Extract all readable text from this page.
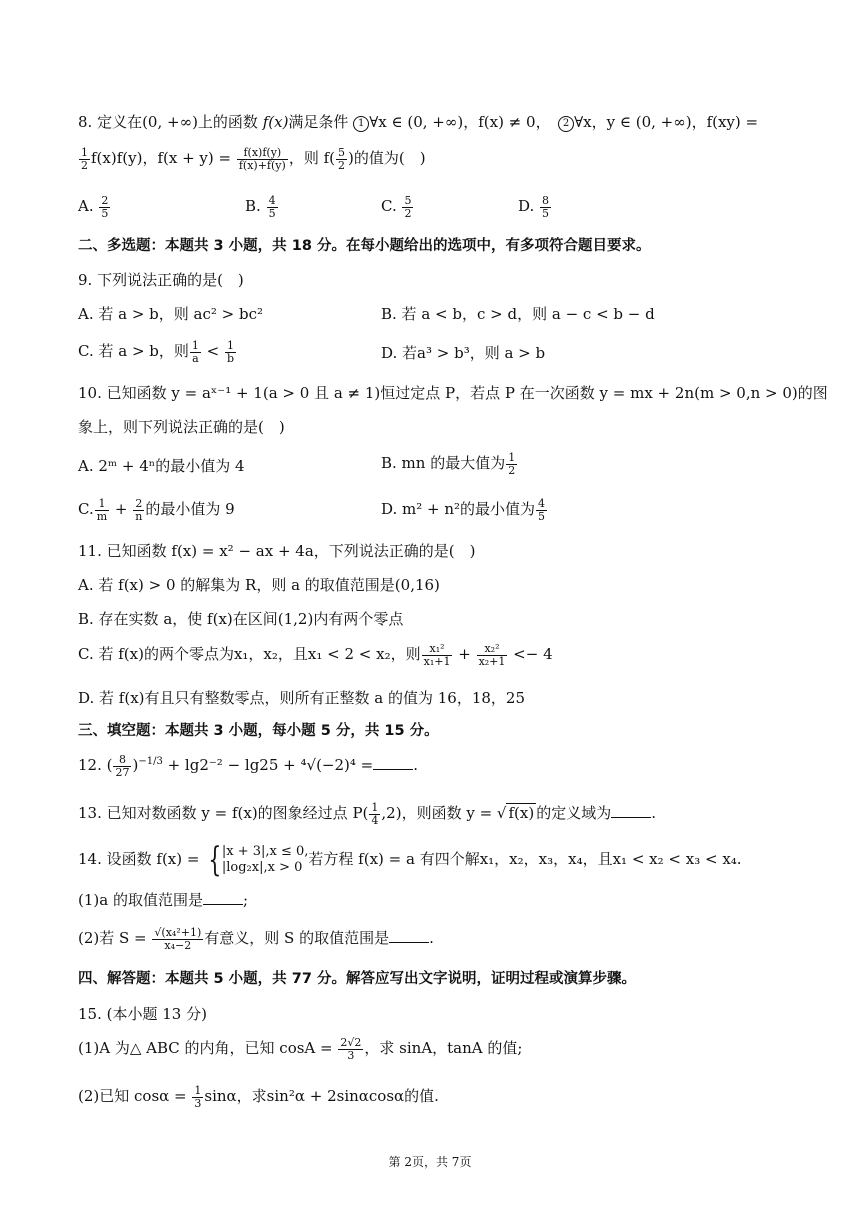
8. 定义在(0, +∞)上的函数 f(x)满足条件 1 ∀x ∈ (0, +∞)，f(x) ≠ 0，　 2 ∀x，y ∈ (0, +∞)，f(xy) =
$\frac{1}{2} f(x)f(y)$，$f(x + y) = \frac{f(x)f(y)}{f(x)+f(y)}$ ，则 $f( \frac{5}{2}$ )的值为(　)
A. $\frac{2}{5}$	B. $\frac{4}{5}$	C. $\frac{5}{2}$	D. $\frac{8}{5}$
二、多选题：本题共 3 小题，共 18 分。在每小题给出的选项中，有多项符合题目要求。
9. 下列说法正确的是(　)
A. 若 a > b，则 ac² > bc²	B. 若 a < b，c > d，则 a − c < b − d
C. 若 a > b，则 $\frac{1}{a} < \frac{1}{b}$	D. 若a³ > b³，则 a > b
10. 已知函数 y = aˣ⁻¹ + 1(a > 0 且 a ≠ 1)恒过定点 P，若点 P 在一次函数 y = mx + 2n(m > 0,n > 0)的图
象上，则下列说法正确的是(　)
A. 2ᵐ + 4ⁿ的最小值为 4	B. mn 的最大值为 $\frac{1}{2}$
C. $\frac{1}{m} + \frac{2}{n}$ 的最小值为 9	D. m² + n²的最小值为 $\frac{4}{5}$
11. 已知函数 f(x) = x² − ax + 4a，下列说法正确的是(　)
A. 若 f(x) > 0 的解集为 R，则 a 的取值范围是(0,16)
B. 存在实数 a，使 f(x)在区间(1,2)内有两个零点
C. 若 f(x)的两个零点为x₁，x₂，且x₁ < 2 < x₂，则 $\frac{\text{x₁²}}{\text{x₁+1}} + \frac{\text{x₂²}}{\text{x₂+1}} <- 4$
D. 若 f(x)有且只有整数零点，则所有正整数 a 的值为 16，18，25
三、填空题：本题共 3 小题，每小题 5 分，共 15 分。
12. ( $\frac{8}{27} )^{-1/3} + \lg 2^{-2} - \lg 25 + ^4√(-2)^4$ =	.
13. 已知对数函数 y = f(x)的图象经过点 $P( \frac{1}{4} ,2)$，则函数 y = √ f(x) 的定义域为	.
14. 设函数 f(x) = { |x + 3|,x ≤ 0,
|log₂x|,x > 0 若方程 f(x) = a 有四个解x₁，x₂，x₃，x₄，且x₁ < x₂ < x₃ < x₄.
(1)a 的取值范围是	;
(2)若 $S = \frac{\text{√(x₄²+1)}}{\text{x₄−2}}$ 有意义，则 S 的取值范围是	.
四、解答题：本题共 5 小题，共 77 分。解答应写出文字说明，证明过程或演算步骤。
15. (本小题 13 分)
(1)A 为△ ABC 的内角，已知 $\cos A = \frac{2√2}{3}$ ，求 sinA，tanA 的值;
(2)已知 $\cos\alpha = \frac{1}{3}$ sinα，求sin²α + 2sinαcosα的值.
第 2页，共 7页
